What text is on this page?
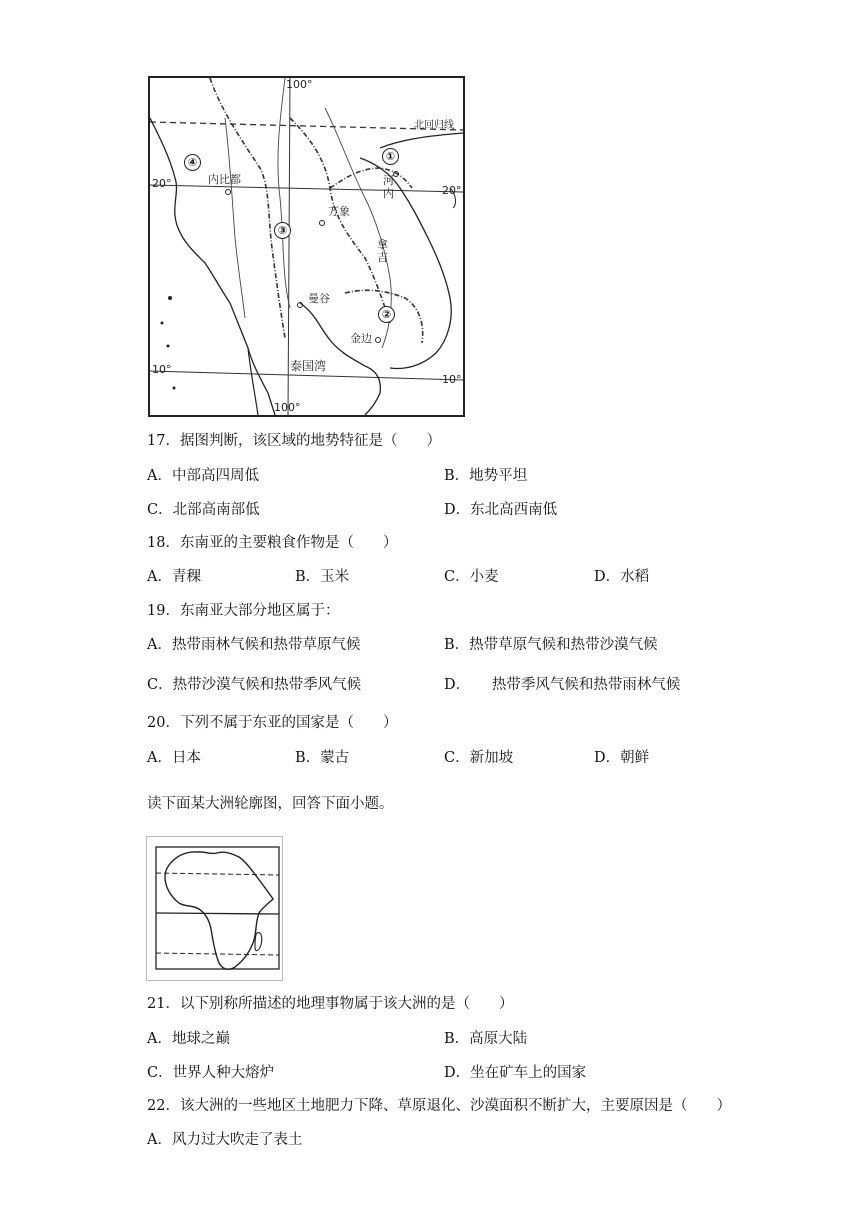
100°
100°
20°
20°
10°
10°
北回归线
①
②
③
④
内比都
万象
曼谷
金边
河内
拿吉
泰国湾
17．据图判断，该区域的地势特征是（　　）
A．中部高四周低	B．地势平坦
C．北部高南部低	D．东北高西南低
18．东南亚的主要粮食作物是（　　）
A．青稞	B．玉米	C．小麦	D．水稻
19．东南亚大部分地区属于：
A．热带雨林气候和热带草原气候	B．热带草原气候和热带沙漠气候
C．热带沙漠气候和热带季风气候	D．　　热带季风气候和热带雨林气候
20．下列不属于东亚的国家是（　　）
A．日本	B．蒙古	C．新加坡	D．朝鲜
读下面某大洲轮廓图，回答下面小题。
21．以下别称所描述的地理事物属于该大洲的是（　　）
A．地球之巅	B．高原大陆
C．世界人种大熔炉	D．坐在矿车上的国家
22．该大洲的一些地区土地肥力下降、草原退化、沙漠面积不断扩大，主要原因是（　　）
A．风力过大吹走了表土
